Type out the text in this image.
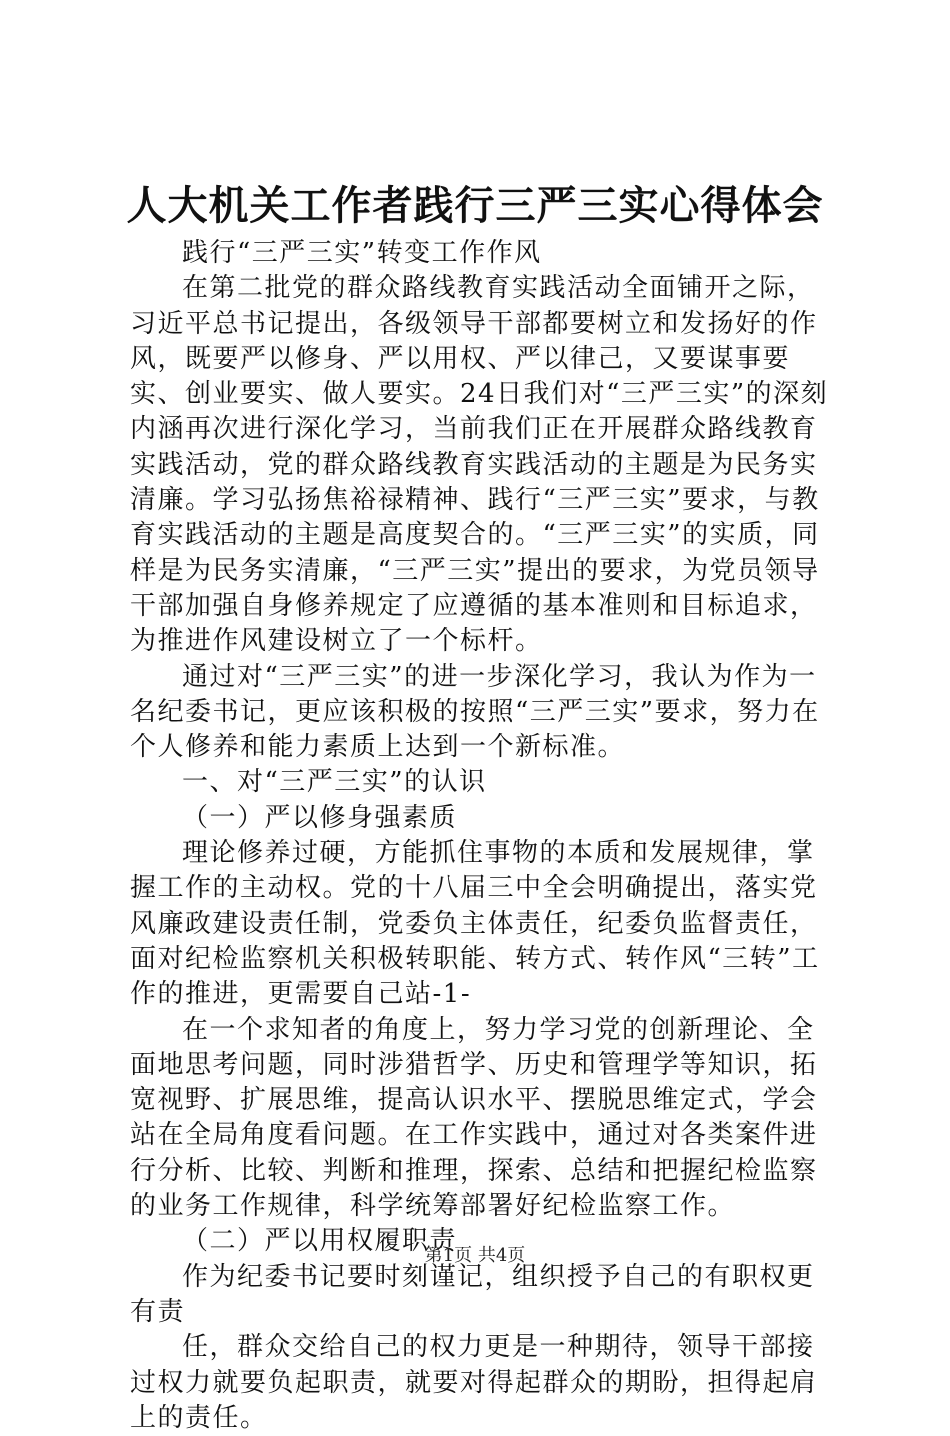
人大机关工作者践行三严三实心得体会

践行“三严三实”转变工作作风

在第二批党的群众路线教育实践活动全面铺开之际，习近平总书记提出，各级领导干部都要树立和发扬好的作风，既要严以修身、严以用权、严以律己，又要谋事要实、创业要实、做人要实。24日我们对“三严三实”的深刻内涵再次进行深化学习，当前我们正在开展群众路线教育实践活动，党的群众路线教育实践活动的主题是为民务实清廉。学习弘扬焦裕禄精神、践行“三严三实”要求，与教育实践活动的主题是高度契合的。“三严三实”的实质，同样是为民务实清廉，“三严三实”提出的要求，为党员领导干部加强自身修养规定了应遵循的基本准则和目标追求，为推进作风建设树立了一个标杆。

通过对“三严三实”的进一步深化学习，我认为作为一名纪委书记，更应该积极的按照“三严三实”要求，努力在个人修养和能力素质上达到一个新标准。

一、对“三严三实”的认识

（一）严以修身强素质

理论修养过硬，方能抓住事物的本质和发展规律，掌握工作的主动权。党的十八届三中全会明确提出，落实党风廉政建设责任制，党委负主体责任，纪委负监督责任，面对纪检监察机关积极转职能、转方式、转作风“三转”工作的推进，更需要自己站-1-

在一个求知者的角度上，努力学习党的创新理论、全面地思考问题，同时涉猎哲学、历史和管理学等知识，拓宽视野、扩展思维，提高认识水平、摆脱思维定式，学会站在全局角度看问题。在工作实践中，通过对各类案件进行分析、比较、判断和推理，探索、总结和把握纪检监察的业务工作规律，科学统筹部署好纪检监察工作。

（二）严以用权履职责

作为纪委书记要时刻谨记，组织授予自己的有职权更有责

任，群众交给自己的权力更是一种期待，领导干部接过权力就要负起职责，就要对得起群众的期盼，担得起肩上的责任。

第1页 共4页
